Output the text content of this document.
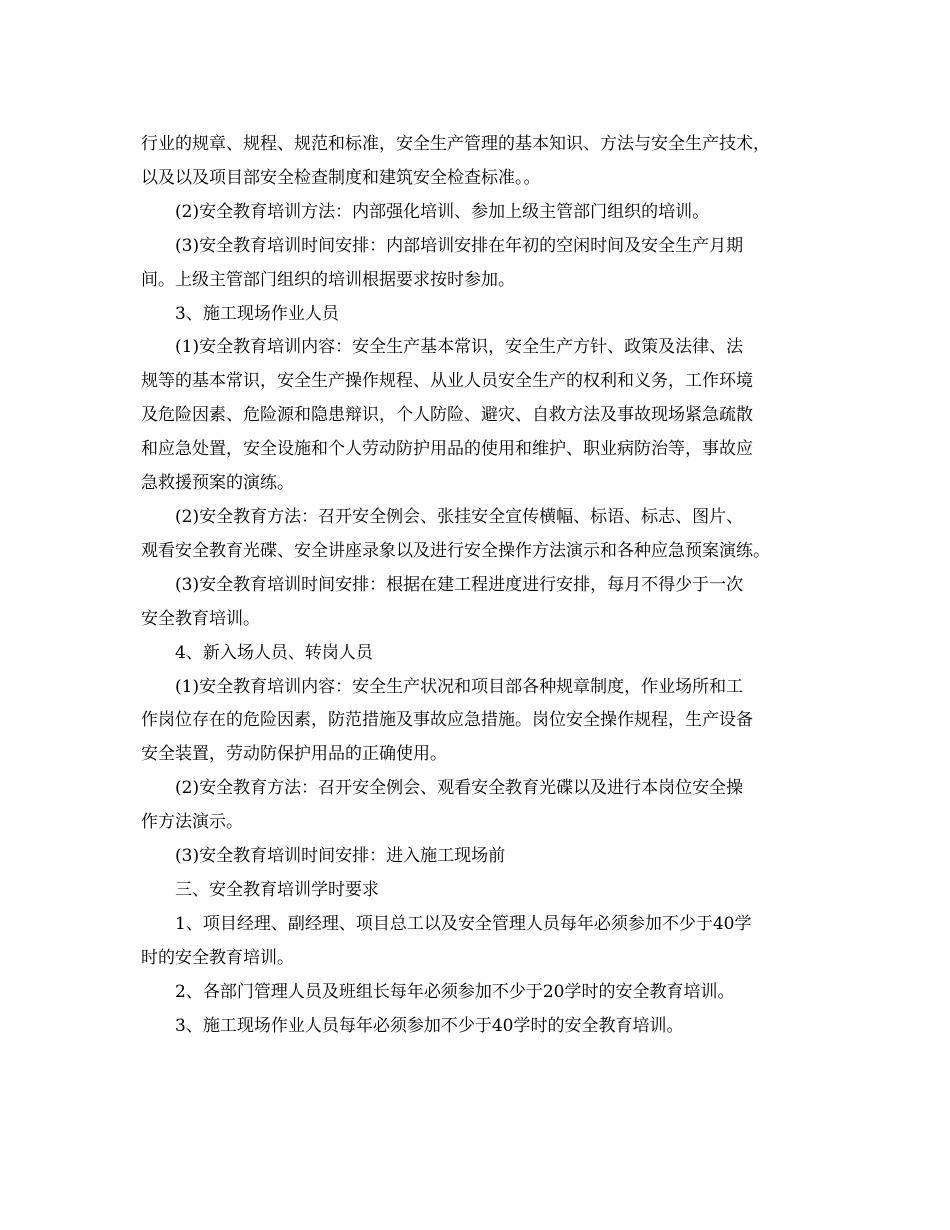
行业的规章、规程、规范和标准，安全生产管理的基本知识、方法与安全生产技术，
以及以及项目部安全检查制度和建筑安全检查标准。。
(2)安全教育培训方法：内部强化培训、参加上级主管部门组织的培训。
(3)安全教育培训时间安排：内部培训安排在年初的空闲时间及安全生产月期
间。上级主管部门组织的培训根据要求按时参加。
3、施工现场作业人员
(1)安全教育培训内容：安全生产基本常识，安全生产方针、政策及法律、法
规等的基本常识，安全生产操作规程、从业人员安全生产的权利和义务，工作环境
及危险因素、危险源和隐患辩识，个人防险、避灾、自救方法及事故现场紧急疏散
和应急处置，安全设施和个人劳动防护用品的使用和维护、职业病防治等，事故应
急救援预案的演练。
(2)安全教育方法：召开安全例会、张挂安全宣传横幅、标语、标志、图片、
观看安全教育光碟、安全讲座录象以及进行安全操作方法演示和各种应急预案演练。
(3)安全教育培训时间安排：根据在建工程进度进行安排，每月不得少于一次
安全教育培训。
4、新入场人员、转岗人员
(1)安全教育培训内容：安全生产状况和项目部各种规章制度，作业场所和工
作岗位存在的危险因素，防范措施及事故应急措施。岗位安全操作规程，生产设备
安全装置，劳动防保护用品的正确使用。
(2)安全教育方法：召开安全例会、观看安全教育光碟以及进行本岗位安全操
作方法演示。
(3)安全教育培训时间安排：进入施工现场前
三、安全教育培训学时要求
1、项目经理、副经理、项目总工以及安全管理人员每年必须参加不少于40学
时的安全教育培训。
2、各部门管理人员及班组长每年必须参加不少于20学时的安全教育培训。
3、施工现场作业人员每年必须参加不少于40学时的安全教育培训。
